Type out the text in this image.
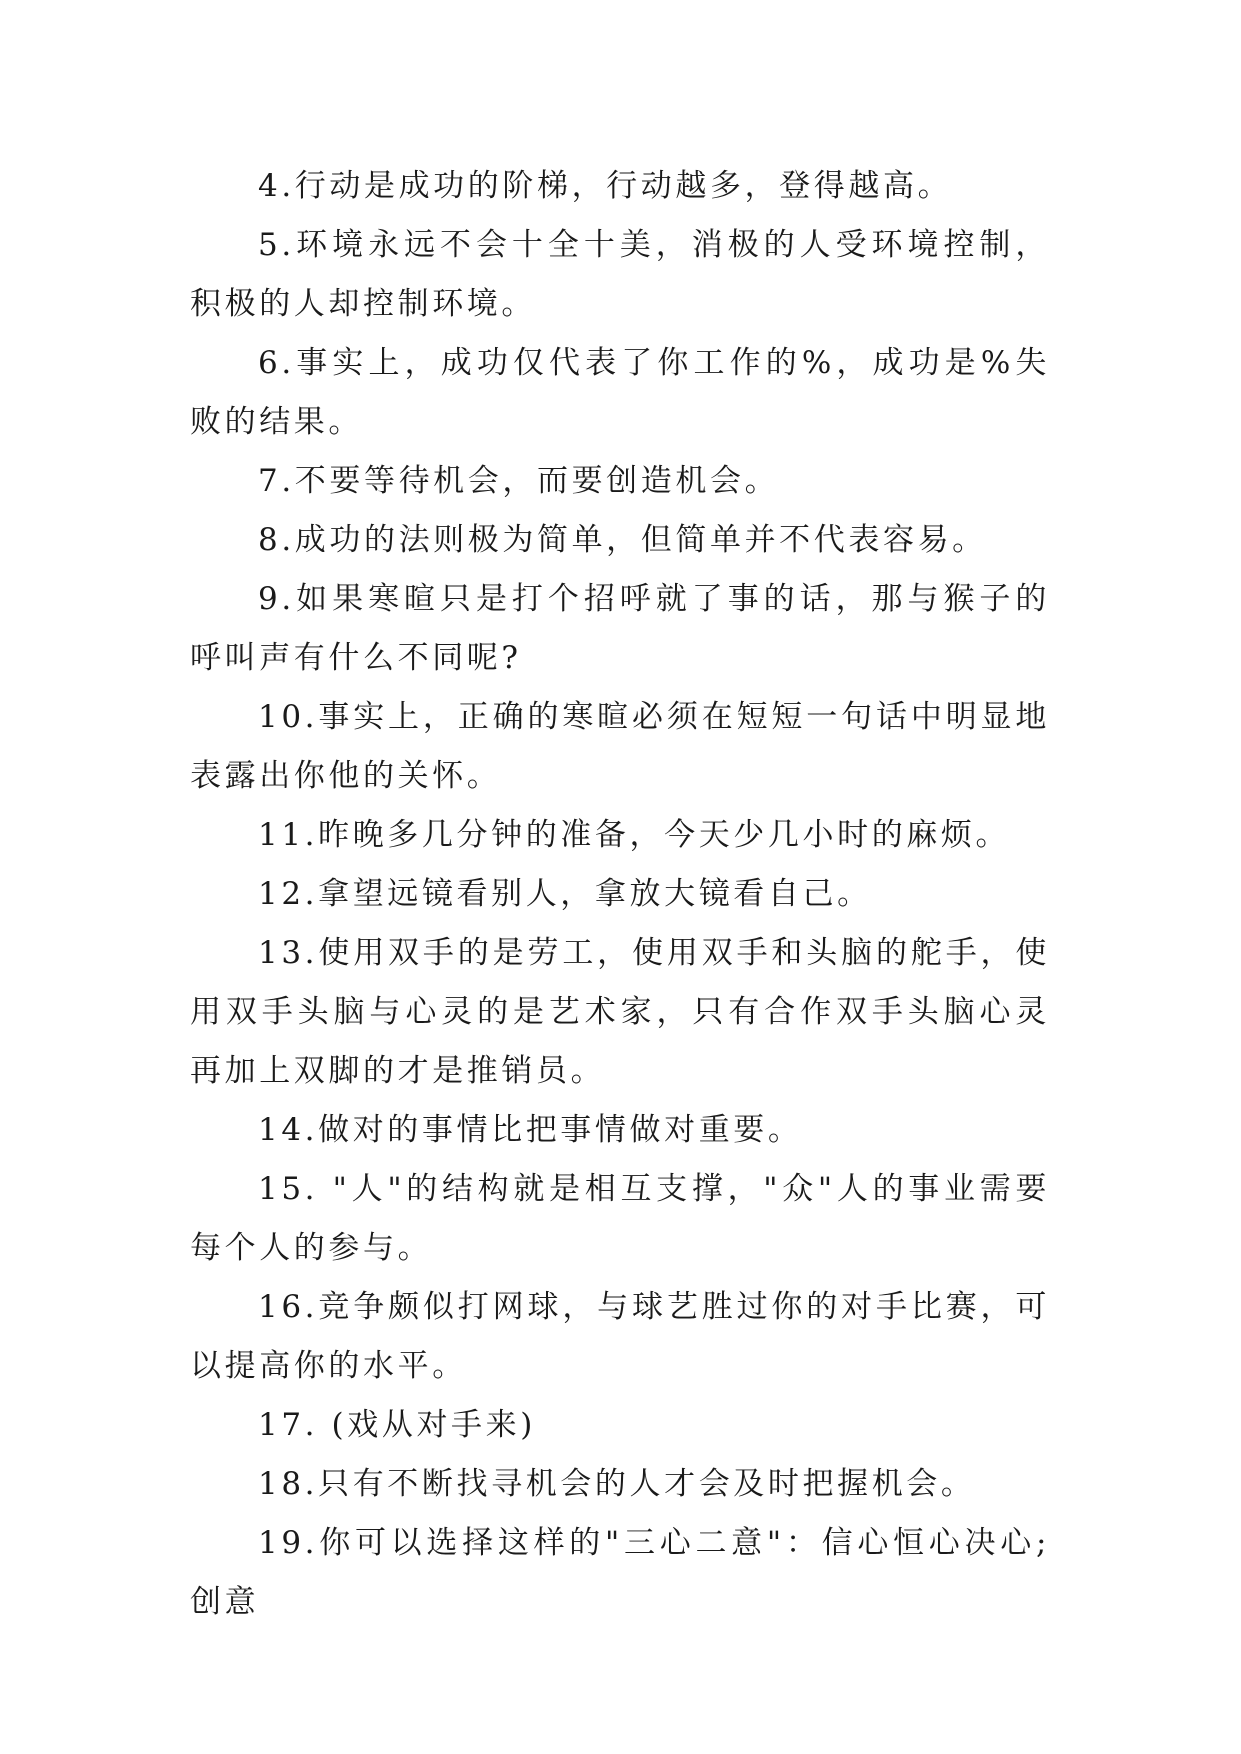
4.行动是成功的阶梯，行动越多，登得越高。

5.环境永远不会十全十美，消极的人受环境控制，积极的人却控制环境。

6.事实上，成功仅代表了你工作的%，成功是%失败的结果。

7.不要等待机会，而要创造机会。

8.成功的法则极为简单，但简单并不代表容易。

9.如果寒暄只是打个招呼就了事的话，那与猴子的呼叫声有什么不同呢?

10.事实上，正确的寒暄必须在短短一句话中明显地表露出你他的关怀。

11.昨晚多几分钟的准备，今天少几小时的麻烦。

12.拿望远镜看别人，拿放大镜看自己。

13.使用双手的是劳工，使用双手和头脑的舵手，使用双手头脑与心灵的是艺术家，只有合作双手头脑心灵再加上双脚的才是推销员。

14.做对的事情比把事情做对重要。

15. "人"的结构就是相互支撑，"众"人的事业需要每个人的参与。

16.竞争颇似打网球，与球艺胜过你的对手比赛，可以提高你的水平。

17. (戏从对手来)

18.只有不断找寻机会的人才会及时把握机会。

19.你可以选择这样的"三心二意"：信心恒心决心;创意
